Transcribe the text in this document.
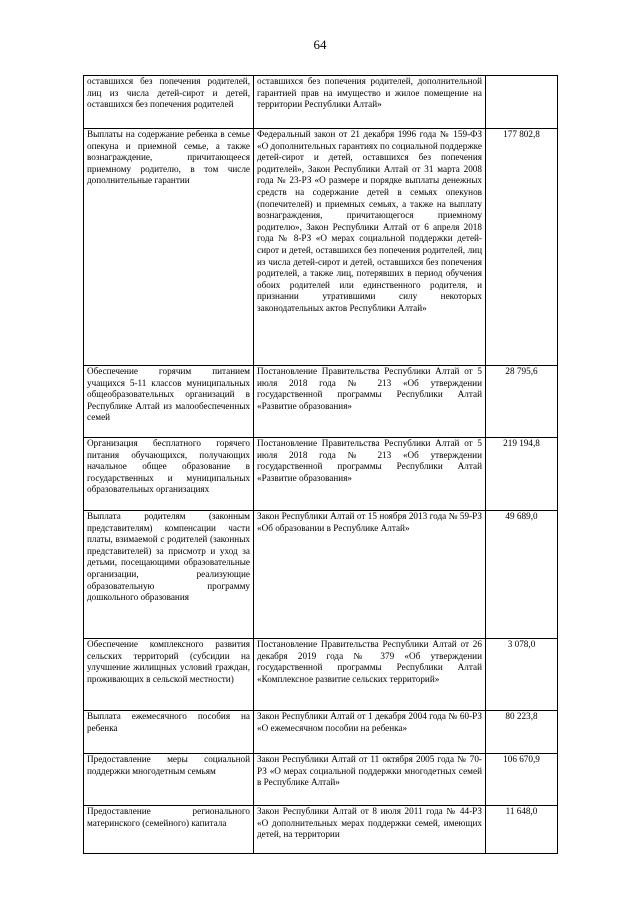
64
оставшихся без попечения родителей, лиц из числа детей-сирот и детей, оставшихся без попечения родителей	оставшихся без попечения родителей, дополнительной гарантией прав на имущество и жилое помещение на территории Республики Алтай»	
Выплаты на содержание ребенка в семье опекуна и приемной семье, а также вознаграждение, причитающееся приемному родителю, в том числе дополнительные гарантии	Федеральный закон от 21 декабря 1996 года № 159-ФЗ «О дополнительных гарантиях по социальной поддержке детей-сирот и детей, оставшихся без попечения родителей», Закон Республики Алтай от 31 марта 2008 года № 23-РЗ «О размере и порядке выплаты денежных средств на содержание детей в семьях опекунов (попечителей) и приемных семьях, а также на выплату вознаграждения, причитающегося приемному родителю», Закон Республики Алтай от 6 апреля 2018 года № 8-РЗ «О мерах социальной поддержки детей-сирот и детей, оставшихся без попечения родителей, лиц из числа детей-сирот и детей, оставшихся без попечения родителей, а также лиц, потерявших в период обучения обоих родителей или единственного родителя, и признании утратившими силу некоторых законодательных актов Республики Алтай»	177 802,8
Обеспечение горячим питанием учащихся 5-11 классов муниципальных общеобразовательных организаций в Республике Алтай из малообеспеченных семей	Постановление Правительства Республики Алтай от 5 июля 2018 года № 213 «Об утверждении государственной программы Республики Алтай «Развитие образования»	28 795,6
Организация бесплатного горячего питания обучающихся, получающих начальное общее образование в государственных и муниципальных образовательных организациях	Постановление Правительства Республики Алтай от 5 июля 2018 года № 213 «Об утверждении государственной программы Республики Алтай «Развитие образования»	219 194,8
Выплата родителям (законным представителям) компенсации части платы, взимаемой с родителей (законных представителей) за присмотр и уход за детьми, посещающими образовательные организации, реализующие образовательную программу дошкольного образования	Закон Республики Алтай от 15 ноября 2013 года № 59-РЗ «Об образовании в Республике Алтай»	49 689,0
Обеспечение комплексного развития сельских территорий (субсидии на улучшение жилищных условий граждан, проживающих в сельской местности)	Постановление Правительства Республики Алтай от 26 декабря 2019 года № 379 «Об утверждении государственной программы Республики Алтай «Комплексное развитие сельских территорий»	3 078,0
Выплата ежемесячного пособия на ребенка	Закон Республики Алтай от 1 декабря 2004 года № 60-РЗ «О ежемесячном пособии на ребенка»	80 223,8
Предоставление меры социальной поддержки многодетным семьям	Закон Республики Алтай от 11 октября 2005 года № 70-РЗ «О мерах социальной поддержки многодетных семей в Республике Алтай»	106 670,9
Предоставление регионального материнского (семейного) капитала	Закон Республики Алтай от 8 июля 2011 года № 44-РЗ «О дополнительных мерах поддержки семей, имеющих детей, на территории	11 648,0
